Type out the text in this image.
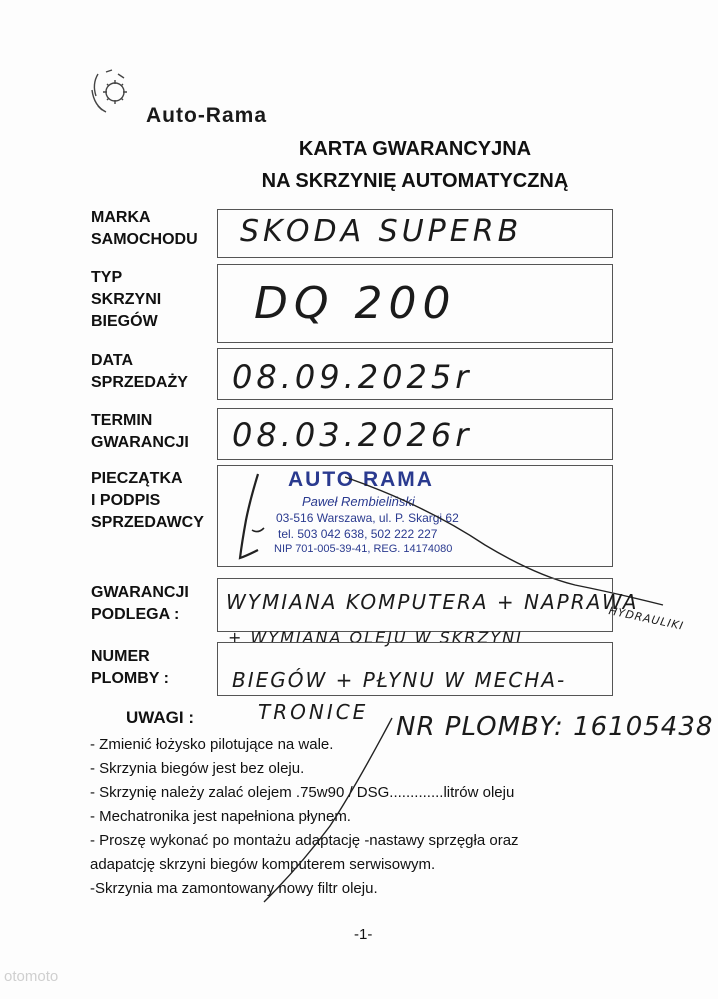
Auto-Rama
KARTA GWARANCYJNA
NA SKRZYNIĘ AUTOMATYCZNĄ
MARKA
SAMOCHODU SKODA SUPERB
TYP
SKRZYNI
BIEGÓW DQ 200
DATA
SPRZEDAŻY 08.09.2025r
TERMIN
GWARANCJI 08.03.2026r
PIECZĄTKA
I PODPIS
SPRZEDAWCY
AUTO RAMA
Paweł Rembieliński
03-516 Warszawa, ul. P. Skargi 62
tel. 503 042 638, 502 222 227
NIP 701-005-39-41, REG. 14174080
GWARANCJI
PODLEGA :
WYMIANA KOMPUTERA + NAPRAWA
HYDRAULIKI
+ WYMIANA OLEJU W SKRZYNI
NUMER
PLOMBY :	BIEGÓW + PŁYNU W MECHA-
TRONICE NR PLOMBY: 16105438
UWAGI :
- Zmienić łożysko pilotujące na wale.
- Skrzynia biegów jest bez oleju.
- Skrzynię należy zalać olejem .75w90 / DSG.............litrów oleju
- Mechatronika jest napełniona płynem.
- Proszę wykonać po montażu adaptację -nastawy sprzęgła oraz
adapatcję skrzyni biegów komputerem serwisowym.
-Skrzynia ma zamontowany nowy filtr oleju.
-1-
otomoto
